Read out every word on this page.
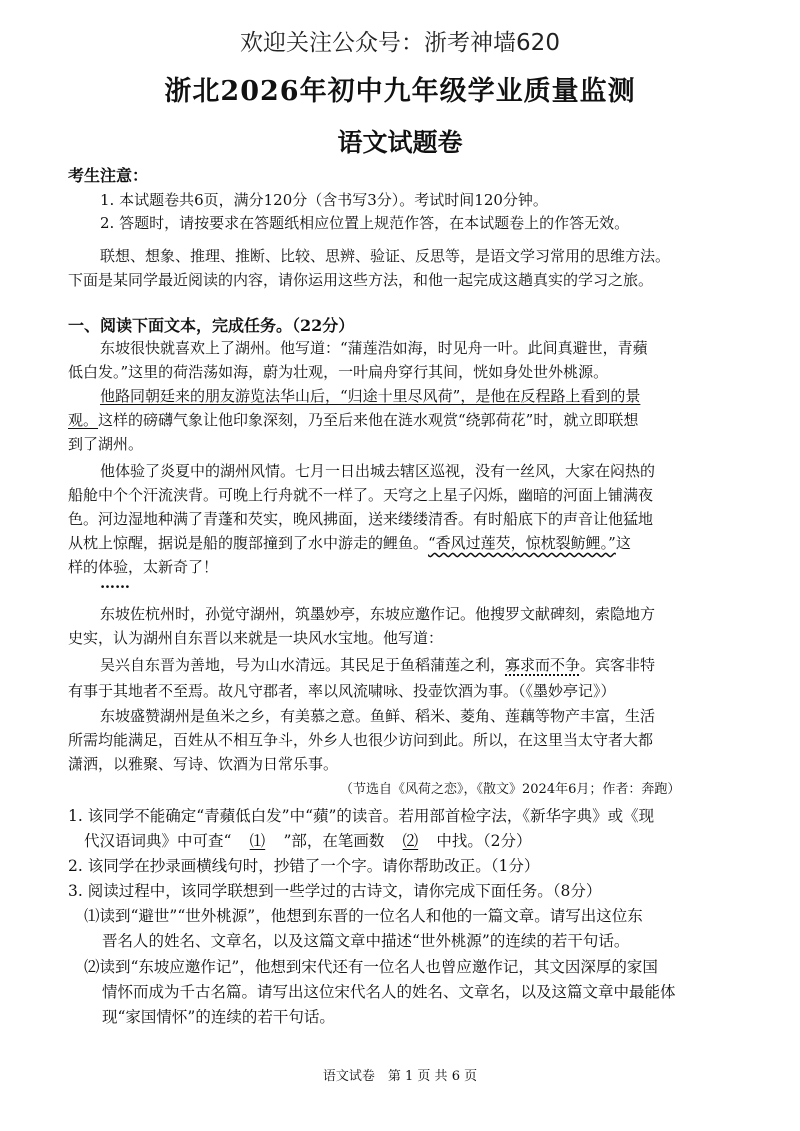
欢迎关注公众号：浙考神墙620
浙北2026年初中九年级学业质量监测
语文试题卷
考生注意：
1. 本试题卷共6页，满分120分（含书写3分）。考试时间120分钟。
2. 答题时，请按要求在答题纸相应位置上规范作答，在本试题卷上的作答无效。
联想、想象、推理、推断、比较、思辨、验证、反思等，是语文学习常用的思维方法。
下面是某同学最近阅读的内容，请你运用这些方法，和他一起完成这趟真实的学习之旅。
一、阅读下面文本，完成任务。（22分）
东坡很快就喜欢上了湖州。他写道：“蒲莲浩如海，时见舟一叶。此间真避世，青蘋
低白发。”这里的荷浩荡如海，蔚为壮观，一叶扁舟穿行其间，恍如身处世外桃源。
他路同朝廷来的朋友游览法华山后，“归途十里尽风荷”，是他在反程路上看到的景
观。这样的磅礴气象让他印象深刻，乃至后来他在涟水观赏“绕郭荷花”时，就立即联想
到了湖州。
他体验了炎夏中的湖州风情。七月一日出城去辖区巡视，没有一丝风，大家在闷热的
船舱中个个汗流浃背。可晚上行舟就不一样了。天穹之上星子闪烁，幽暗的河面上铺满夜
色。河边湿地种满了青蓬和芡实，晚风拂面，送来缕缕清香。有时船底下的声音让他猛地
从枕上惊醒，据说是船的腹部撞到了水中游走的鲤鱼。“香风过莲芡，惊枕裂鲂鲤。”这
样的体验，太新奇了！
……
东坡佐杭州时，孙觉守湖州，筑墨妙亭，东坡应邀作记。他搜罗文献碑刻，索隐地方
史实，认为湖州自东晋以来就是一块风水宝地。他写道：
吴兴自东晋为善地，号为山水清远。其民足于鱼稻蒲莲之利，寡求而不争。宾客非特
有事于其地者不至焉。故凡守郡者，率以风流啸咏、投壶饮酒为事。（《墨妙亭记》）
东坡盛赞湖州是鱼米之乡，有美慕之意。鱼鲜、稻米、菱角、莲藕等物产丰富，生活
所需均能满足，百姓从不相互争斗，外乡人也很少访问到此。所以，在这里当太守者大都
潇洒，以雅聚、写诗、饮酒为日常乐事。
（节选自《风荷之恋》，《散文》2024年6月；作者：奔跑）
1. 该同学不能确定“青蘋低白发”中“蘋”的读音。若用部首检字法，《新华字典》或《现
代汉语词典》中可查“ ⑴ ”部，在笔画数 ⑵ 中找。（2分）
2. 该同学在抄录画横线句时，抄错了一个字。请你帮助改正。（1分）
3. 阅读过程中，该同学联想到一些学过的古诗文，请你完成下面任务。（8分）
⑴读到“避世”“世外桃源”，他想到东晋的一位名人和他的一篇文章。请写出这位东
晋名人的姓名、文章名，以及这篇文章中描述“世外桃源”的连续的若干句话。
⑵读到“东坡应邀作记”，他想到宋代还有一位名人也曾应邀作记，其文因深厚的家国
情怀而成为千古名篇。请写出这位宋代名人的姓名、文章名，以及这篇文章中最能体
现“家国情怀”的连续的若干句话。
语文试卷　第 1 页 共 6 页
